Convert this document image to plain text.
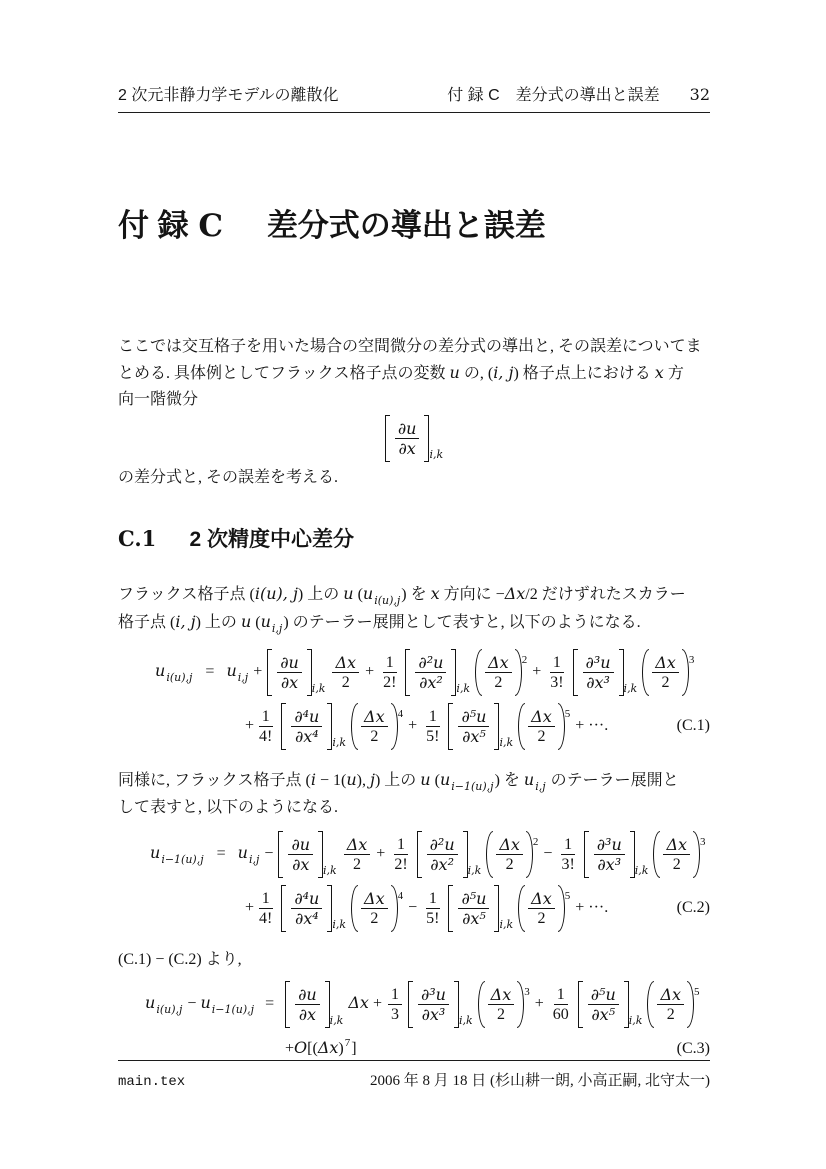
2 次元非静力学モデルの離散化	付 録 C　差分式の導出と誤差 32
付 録 C 差分式の導出と誤差

ここでは交互格子を用いた場合の空間微分の差分式の導出と, その誤差についてま
とめる. 具体例としてフラックス格子点の変数 u の, (i, j) 格子点上における x 方
向一階微分

$\frac{\partial u}{\partial x} i,k$

の差分式と, その誤差を考える.

C.1 2 次精度中心差分

フラックス格子点 (i(u), j) 上の u $(u_{i(u),j})$ を x 方向に −Δx/2 だけずれたスカラー
格子点 (i, j) 上の u $(u_{i,j})$ のテーラー展開として表すと, 以下のようになる.

$u_{i(u),j} = u_{i,j} + \frac{\partial u}{\partial x} i,k \frac{\Delta x}{2} + \frac{1}{2!} \frac{\text{∂²u}}{\text{∂x²}} i,k \frac{\Delta x}{2} 2$
+ $\frac{1}{3!} \frac{\text{∂³u}}{\text{∂x³}} i,k \frac{\Delta x}{2} 3$
+ $\frac{1}{4!} \frac{\text{∂⁴u}}{\text{∂x⁴}} i,k \frac{\Delta x}{2} 4$
+ $\frac{1}{5!} \frac{\text{∂⁵u}}{\text{∂x⁵}} i,k \frac{\Delta x}{2} 5$
+ ···.	(C.1)

同様に, フラックス格子点 (i − 1(u), j) 上の u $(u_{i-1(u),j})$ を $u_{i,j}$ のテーラー展開と
して表すと, 以下のようになる.

$u_{i-1(u),j} = u_{i,j} - \frac{\partial u}{\partial x} i,k \frac{\Delta x}{2} + \frac{1}{2!} \frac{\text{∂²u}}{\text{∂x²}} i,k \frac{\Delta x}{2} 2$
− $\frac{1}{3!} \frac{\text{∂³u}}{\text{∂x³}} i,k \frac{\Delta x}{2} 3$
+ $\frac{1}{4!} \frac{\text{∂⁴u}}{\text{∂x⁴}} i,k \frac{\Delta x}{2} 4$
− $\frac{1}{5!} \frac{\text{∂⁵u}}{\text{∂x⁵}} i,k \frac{\Delta x}{2} 5$
+ ···.	(C.2)

(C.1) − (C.2) より,

$u_{i(u),j} - u_{i-1(u),j} = \frac{\partial u}{\partial x} i,k$
$\Delta x + \frac{1}{3} \frac{\text{∂³u}}{\text{∂x³}} i,k \frac{\Delta x}{2} 3$
+ $\frac{1}{60} \frac{\text{∂⁵u}}{\text{∂x⁵}} i,k \frac{\Delta x}{2} 5$
$+O[(\Delta x)^7]$	(C.3)
main.tex	2006 年 8 月 18 日 (杉山耕一朗, 小高正嗣, 北守太一)
